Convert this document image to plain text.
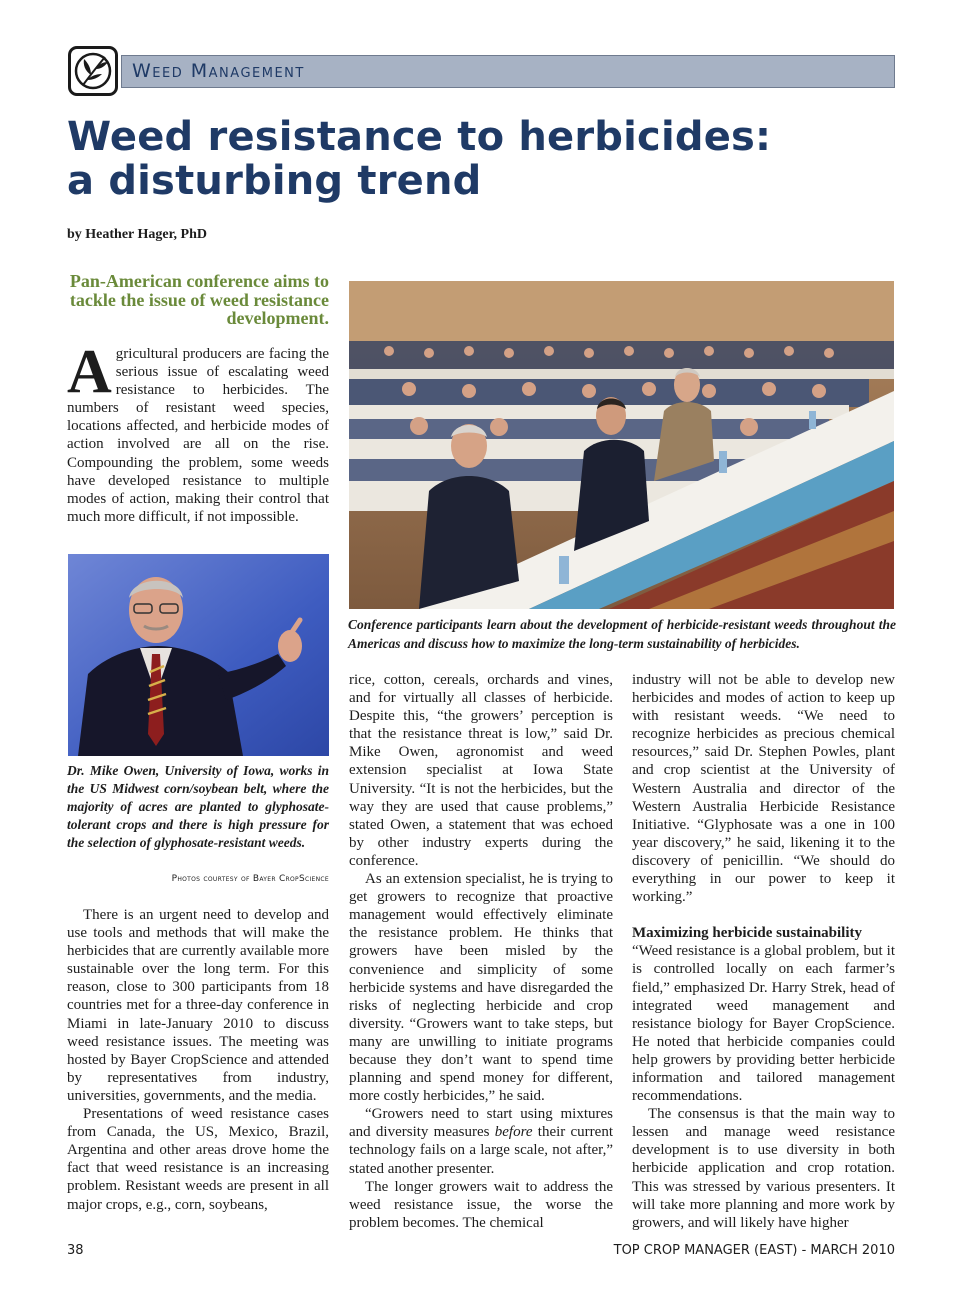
Weed Management
Weed resistance to herbicides:
a disturbing trend
by Heather Hager, PhD
Pan-American conference aims to tackle the issue of weed resistance development.
A gricultural producers are facing the serious issue of escalating weed resistance to herbicides. The numbers of resistant weed species, locations affected, and herbicide modes of action involved are all on the rise. Compounding the problem, some weeds have developed resistance to multiple modes of action, making their control that much more difficult, if not impossible.
Dr. Mike Owen, University of Iowa, works in the US Midwest corn/soybean belt, where the majority of acres are planted to glyphosate-tolerant crops and there is high pressure for the selection of glyphosate-resistant weeds.
Photos courtesy of Bayer CropScience
Conference participants learn about the development of herbicide-resistant weeds throughout the Americas and discuss how to maximize the long-term sustainability of herbicides.

There is an urgent need to develop and use tools and methods that will make the herbicides that are currently available more sustainable over the long term. For this reason, close to 300 participants from 18 countries met for a three-day conference in Miami in late-January 2010 to discuss weed resistance issues. The meeting was hosted by Bayer CropScience and attended by representatives from industry, universities, governments, and the media.

Presentations of weed resistance cases from Canada, the US, Mexico, Brazil, Argentina and other areas drove home the fact that weed resistance is an increasing problem. Resistant weeds are present in all major crops, e.g., corn, soybeans,

rice, cotton, cereals, orchards and vines, and for virtually all classes of herbicide. Despite this, “the growers’ perception is that the resistance threat is low,” said Dr. Mike Owen, agronomist and weed extension specialist at Iowa State University. “It is not the herbicides, but the way they are used that cause problems,” stated Owen, a statement that was echoed by other industry experts during the conference.

As an extension specialist, he is trying to get growers to recognize that proactive management would effectively eliminate the resistance problem. He thinks that growers have been misled by the convenience and simplicity of some herbicide systems and have disregarded the risks of neglecting herbicide and crop diversity. “Growers want to take steps, but many are unwilling to initiate programs because they don’t want to spend time planning and spend money for different, more costly herbicides,” he said.

“Growers need to start using mixtures and diversity measures before their current technology fails on a large scale, not after,” stated another presenter.

The longer growers wait to address the weed resistance issue, the worse the problem becomes. The chemical

industry will not be able to develop new herbicides and modes of action to keep up with resistant weeds. “We need to recognize herbicides as precious chemical resources,” said Dr. Stephen Powles, plant and crop scientist at the University of Western Australia and director of the Western Australia Herbicide Resistance Initiative. “Glyphosate was a one in 100 year discovery,” he said, likening it to the discovery of penicillin. “We should do everything in our power to keep it working.”

Maximizing herbicide sustainability

“Weed resistance is a global problem, but it is controlled locally on each farmer’s field,” emphasized Dr. Harry Strek, head of integrated weed management and resistance biology for Bayer CropScience. He noted that herbicide companies could help growers by providing better herbicide information and tailored management recommendations.

The consensus is that the main way to lessen and manage weed resistance development is to use diversity in both herbicide application and crop rotation. This was stressed by various presenters. It will take more planning and more work by growers, and will likely have higher

38	TOP CROP MANAGER (EAST) - MARCH 2010
